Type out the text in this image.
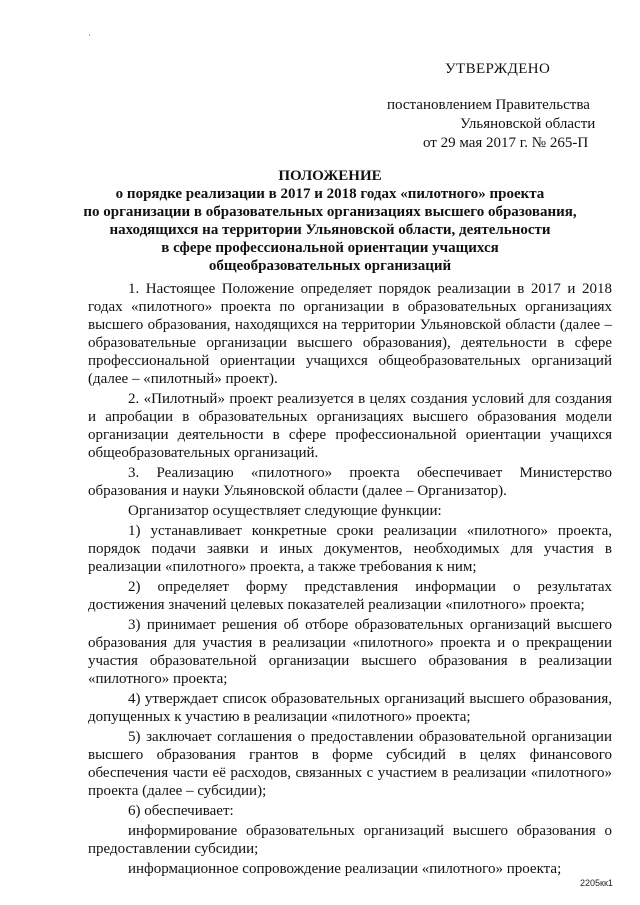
·
УТВЕРЖДЕНО
постановлением Правительства
Ульяновской области
от 29 мая 2017 г. № 265-П
ПОЛОЖЕНИЕ
о порядке реализации в 2017 и 2018 годах «пилотного» проекта
по организации в образовательных организациях высшего образования,
находящихся на территории Ульяновской области, деятельности
в сфере профессиональной ориентации учащихся
общеобразовательных организаций

1. Настоящее Положение определяет порядок реализации в 2017 и 2018 годах «пилотного» проекта по организации в образовательных организациях высшего образования, находящихся на территории Ульяновской области (далее – образовательные организации высшего образования), деятельности в сфере профессиональной ориентации учащихся общеобразовательных организаций (далее – «пилотный» проект).

2. «Пилотный» проект реализуется в целях создания условий для создания и апробации в образовательных организациях высшего образования модели организации деятельности в сфере профессиональной ориентации учащихся общеобразовательных организаций.

3. Реализацию «пилотного» проекта обеспечивает Министерство образования и науки Ульяновской области (далее – Организатор).

Организатор осуществляет следующие функции:

1) устанавливает конкретные сроки реализации «пилотного» проекта, порядок подачи заявки и иных документов, необходимых для участия в реализации «пилотного» проекта, а также требования к ним;

2) определяет форму представления информации о результатах достижения значений целевых показателей реализации «пилотного» проекта;

3) принимает решения об отборе образовательных организаций высшего образования для участия в реализации «пилотного» проекта и о прекращении участия образовательной организации высшего образования в реализации «пилотного» проекта;

4) утверждает список образовательных организаций высшего образования, допущенных к участию в реализации «пилотного» проекта;

5) заключает соглашения о предоставлении образовательной организации высшего образования грантов в форме субсидий в целях финансового обеспечения части её расходов, связанных с участием в реализации «пилотного» проекта (далее – субсидии);

6) обеспечивает:

информирование образовательных организаций высшего образования о предоставлении субсидии;

информационное сопровождение реализации «пилотного» проекта;

2205кк1
